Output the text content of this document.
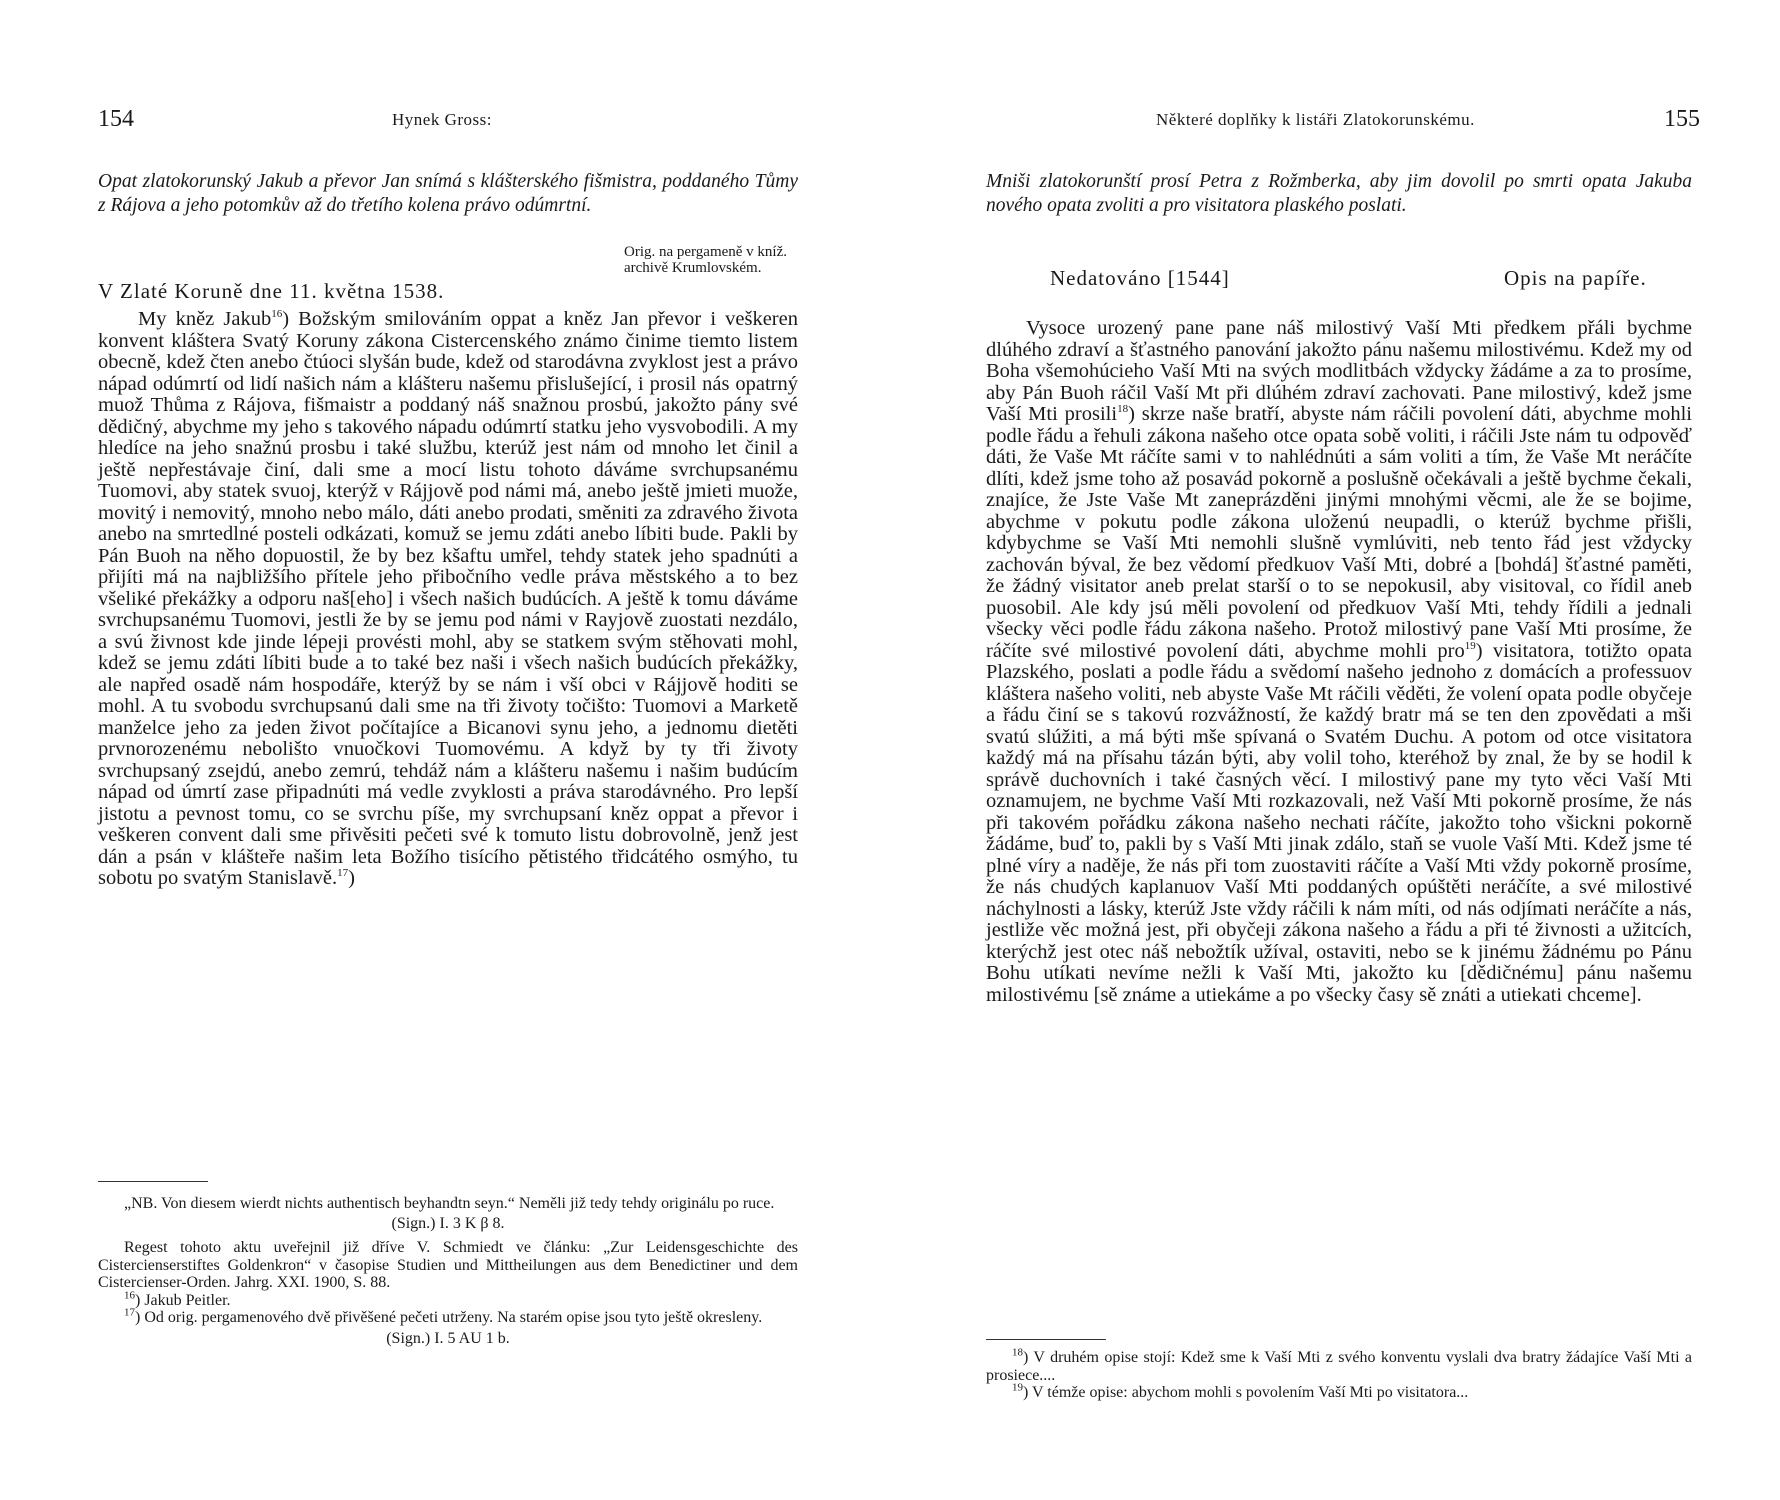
154	Hynek Gross:
Opat zlatokorunský Jakub a převor Jan snímá s klášterského fišmistra, poddaného Tůmy z Rájova a jeho potomkův až do třetího kolena právo odúmrtní.
Orig. na pergameně v kníž. archivě Krumlovském.
V Zlaté Koruně dne 11. května 1538.

My kněz Jakub$^{16}$) Božským smilováním oppat a kněz Jan převor i veškeren konvent kláštera Svatý Koruny zákona Cistercenského známo činime tiemto listem obecně, kdež čten anebo čtúoci slyšán bude, kdež od starodávna zvyklost jest a právo nápad odúmrtí od lidí našich nám a klášteru našemu přislušející, i prosil nás opatrný muož Thůma z Rájova, fišmaistr a poddaný náš snažnou prosbú, jakožto pány své dědičný, abychme my jeho s takového nápadu odúmrtí statku jeho vysvobodili. A my hledíce na jeho snažnú prosbu i také službu, kterúž jest nám od mnoho let činil a ještě nepřestávaje činí, dali sme a mocí listu tohoto dáváme svrchupsanému Tuomovi, aby statek svuoj, kterýž v Rájjově pod námi má, anebo ještě jmieti muože, movitý i nemovitý, mnoho nebo málo, dáti anebo prodati, směniti za zdravého života anebo na smrtedlné posteli odkázati, komuž se jemu zdáti anebo líbiti bude. Pakli by Pán Buoh na něho dopuostil, že by bez kšaftu umřel, tehdy statek jeho spadnúti a přijíti má na najbližšího přítele jeho přibočního vedle práva městského a to bez všeliké překážky a odporu naš[eho] i všech našich budúcích. A ještě k tomu dáváme svrchupsanému Tuomovi, jestli že by se jemu pod námi v Rayjově zuostati nezdálo, a svú živnost kde jinde lépeji provésti mohl, aby se statkem svým stěhovati mohl, kdež se jemu zdáti líbiti bude a to také bez naši i všech našich budúcích překážky, ale napřed osadě nám hospodáře, kterýž by se nám i vší obci v Rájjově hoditi se mohl. A tu svobodu svrchupsanú dali sme na tři životy točišto: Tuomovi a Marketě manželce jeho za jeden život počítajíce a Bicanovi synu jeho, a jednomu dietěti prvnorozenému nebolišto vnuočkovi Tuomovému. A když by ty tři životy svrchupsaný zsejdú, anebo zemrú, tehdáž nám a klášteru našemu i našim budúcím nápad od úmrtí zase připadnúti má vedle zvyklosti a práva starodávného. Pro lepší jistotu a pevnost tomu, co se svrchu píše, my svrchupsaní kněz oppat a převor i veškeren convent dali sme přivěsiti pečeti své k tomuto listu dobrovolně, jenž jest dán a psán v klášteře našim leta Božího tisícího pětistého třidcátého osmýho, tu sobotu po svatým Stanislavě.$^{17}$)

„NB. Von diesem wierdt nichts authentisch beyhandtn seyn.“ Neměli již tedy tehdy originálu po ruce.

(Sign.) I. 3 K β 8.

Regest tohoto aktu uveřejnil již dříve V. Schmiedt ve článku: „Zur Leidensgeschichte des Cistercienserstiftes Goldenkron“ v časopise Studien und Mittheilungen aus dem Benedictiner und dem Cistercienser-Orden. Jahrg. XXI. 1900, S. 88.

$^{16}$) Jakub Peitler.

$^{17}$) Od orig. pergamenového dvě přivěšené pečeti utrženy. Na starém opise jsou tyto ještě okresleny.

(Sign.) I. 5 AU 1 b.

Některé doplňky k listáři Zlatokorunskému.	155
Mniši zlatokorunští prosí Petra z Rožmberka, aby jim dovolil po smrti opata Jakuba nového opata zvoliti a pro visitatora plaského poslati.
Nedatováno [1544]	Opis na papíře.

Vysoce urozený pane pane náš milostivý Vaší Mti předkem přáli bychme dlúhého zdraví a šťastného panování jakožto pánu našemu milostivému. Kdež my od Boha všemohúcieho Vaší Mti na svých modlitbách vždycky žádáme a za to prosíme, aby Pán Buoh ráčil Vaší Mt při dlúhém zdraví zachovati. Pane milostivý, kdež jsme Vaší Mti prosili$^{18}$) skrze naše bratří, abyste nám ráčili povolení dáti, abychme mohli podle řádu a řehuli zákona našeho otce opata sobě voliti, i ráčili Jste nám tu odpověď dáti, že Vaše Mt ráčíte sami v to nahlédnúti a sám voliti a tím, že Vaše Mt neráčíte dlíti, kdež jsme toho až posavád pokorně a poslušně očekávali a ještě bychme čekali, znajíce, že Jste Vaše Mt zaneprázděni jinými mnohými věcmi, ale že se bojime, abychme v pokutu podle zákona uloženú neupadli, o kterúž bychme přišli, kdybychme se Vaší Mti nemohli slušně vymlúviti, neb tento řád jest vždycky zachován býval, že bez vědomí předkuov Vaší Mti, dobré a [bohdá] šťastné paměti, že žádný visitator aneb prelat starší o to se nepokusil, aby visitoval, co řídil aneb puosobil. Ale kdy jsú měli povolení od předkuov Vaší Mti, tehdy řídili a jednali všecky věci podle řádu zákona našeho. Protož milostivý pane Vaší Mti prosíme, že ráčíte své milostivé povolení dáti, abychme mohli pro$^{19}$) visitatora, totižto opata Plazského, poslati a podle řádu a svědomí našeho jednoho z domácích a professuov kláštera našeho voliti, neb abyste Vaše Mt ráčili věděti, že volení opata podle obyčeje a řádu činí se s takovú rozvážností, že každý bratr má se ten den zpovědati a mši svatú slúžiti, a má býti mše spívaná o Svatém Duchu. A potom od otce visitatora každý má na přísahu tázán býti, aby volil toho, kteréhož by znal, že by se hodil k správě duchovních i také časných věcí. I milostivý pane my tyto věci Vaší Mti oznamujem, ne bychme Vaší Mti rozkazovali, než Vaší Mti pokorně prosíme, že nás při takovém pořádku zákona našeho nechati ráčíte, jakožto toho všickni pokorně žádáme, buď to, pakli by s Vaší Mti jinak zdálo, staň se vuole Vaší Mti. Kdež jsme té plné víry a naděje, že nás při tom zuostaviti ráčíte a Vaší Mti vždy pokorně prosíme, že nás chudých kaplanuov Vaší Mti poddaných opúštěti neráčíte, a své milostivé náchylnosti a lásky, kterúž Jste vždy ráčili k nám míti, od nás odjímati neráčíte a nás, jestliže věc možná jest, při obyčeji zákona našeho a řádu a při té živnosti a užitcích, kterýchž jest otec náš nebožtík užíval, ostaviti, nebo se k jinému žádnému po Pánu Bohu utíkati nevíme nežli k Vaší Mti, jakožto ku [dědičnému] pánu našemu milostivému [sě známe a utiekáme a po všecky časy sě znáti a utiekati chceme].

$^{18}$) V druhém opise stojí: Kdež sme k Vaší Mti z svého konventu vyslali dva bratry žádajíce Vaší Mti a prosiece....

$^{19}$) V témže opise: abychom mohli s povolením Vaší Mti po visitatora...
